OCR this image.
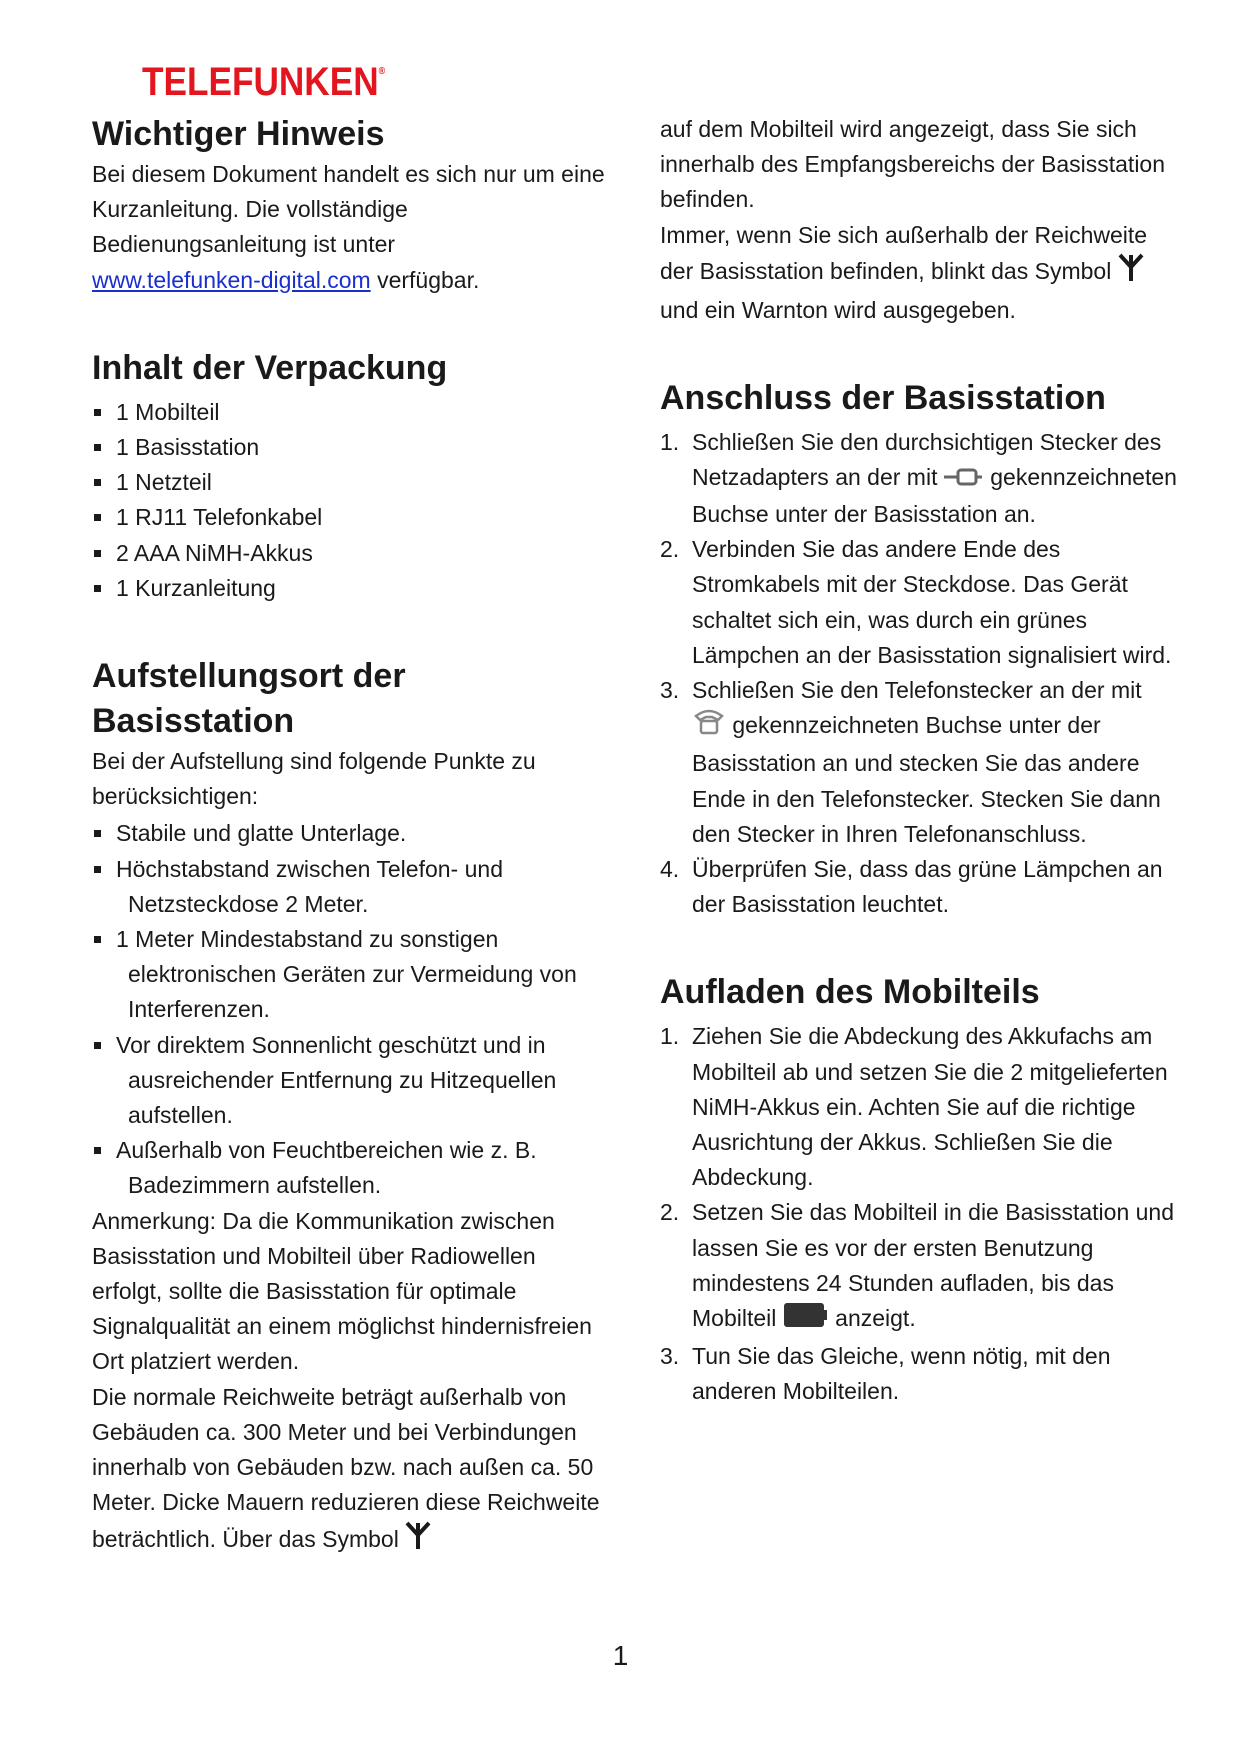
TELEFUNKEN®
Wichtiger Hinweis

Bei diesem Dokument handelt es sich nur um eine Kurzanleitung. Die vollständige Bedienungsanleitung ist unter
www.telefunken-digital.com verfügbar.

Inhalt der Verpackung
1 Mobilteil
1 Basisstation
1 Netzteil
1 RJ11 Telefonkabel
2 AAA NiMH-Akkus
1 Kurzanleitung
Aufstellungsort der Basisstation

Bei der Aufstellung sind folgende Punkte zu berücksichtigen:

Stabile und glatte Unterlage.
Höchstabstand zwischen Telefon- und Netzsteckdose 2 Meter.
1 Meter Mindestabstand zu sonstigen elektronischen Geräten zur Vermeidung von Interferenzen.
Vor direktem Sonnenlicht geschützt und in ausreichender Entfernung zu Hitzequellen aufstellen.
Außerhalb von Feuchtbereichen wie z. B. Badezimmern aufstellen.

Anmerkung: Da die Kommunikation zwischen Basisstation und Mobilteil über Radiowellen erfolgt, sollte die Basisstation für optimale Signalqualität an einem möglichst hindernisfreien Ort platziert werden.

Die normale Reichweite beträgt außerhalb von Gebäuden ca. 300 Meter und bei Verbindungen innerhalb von Gebäuden bzw. nach außen ca. 50 Meter. Dicke Mauern reduzieren diese Reichweite beträchtlich. Über das Symbol

auf dem Mobilteil wird angezeigt, dass Sie sich innerhalb des Empfangsbereichs der Basisstation befinden.

Immer, wenn Sie sich außerhalb der Reichweite der Basisstation befinden, blinkt das Symbol  und ein Warnton wird ausgegeben.

Anschluss der Basisstation
1. Schließen Sie den durchsichtigen Stecker des Netzadapters an der mit gekennzeichneten Buchse unter der Basisstation an.
2. Verbinden Sie das andere Ende des Stromkabels mit der Steckdose. Das Gerät schaltet sich ein, was durch ein grünes Lämpchen an der Basisstation signalisiert wird.
3. Schließen Sie den Telefonstecker an der mit
gekennzeichneten Buchse unter der Basisstation an und stecken Sie das andere Ende in den Telefonstecker. Stecken Sie dann den Stecker in Ihren Telefonanschluss.
4. Überprüfen Sie, dass das grüne Lämpchen an der Basisstation leuchtet.
Aufladen des Mobilteils
1. Ziehen Sie die Abdeckung des Akkufachs am Mobilteil ab und setzen Sie die 2 mitgelieferten NiMH-Akkus ein. Achten Sie auf die richtige Ausrichtung der Akkus. Schließen Sie die Abdeckung.
2. Setzen Sie das Mobilteil in die Basisstation und lassen Sie es vor der ersten Benutzung mindestens 24 Stunden aufladen, bis das Mobilteil	anzeigt.
3. Tun Sie das Gleiche, wenn nötig, mit den anderen Mobilteilen.
1
